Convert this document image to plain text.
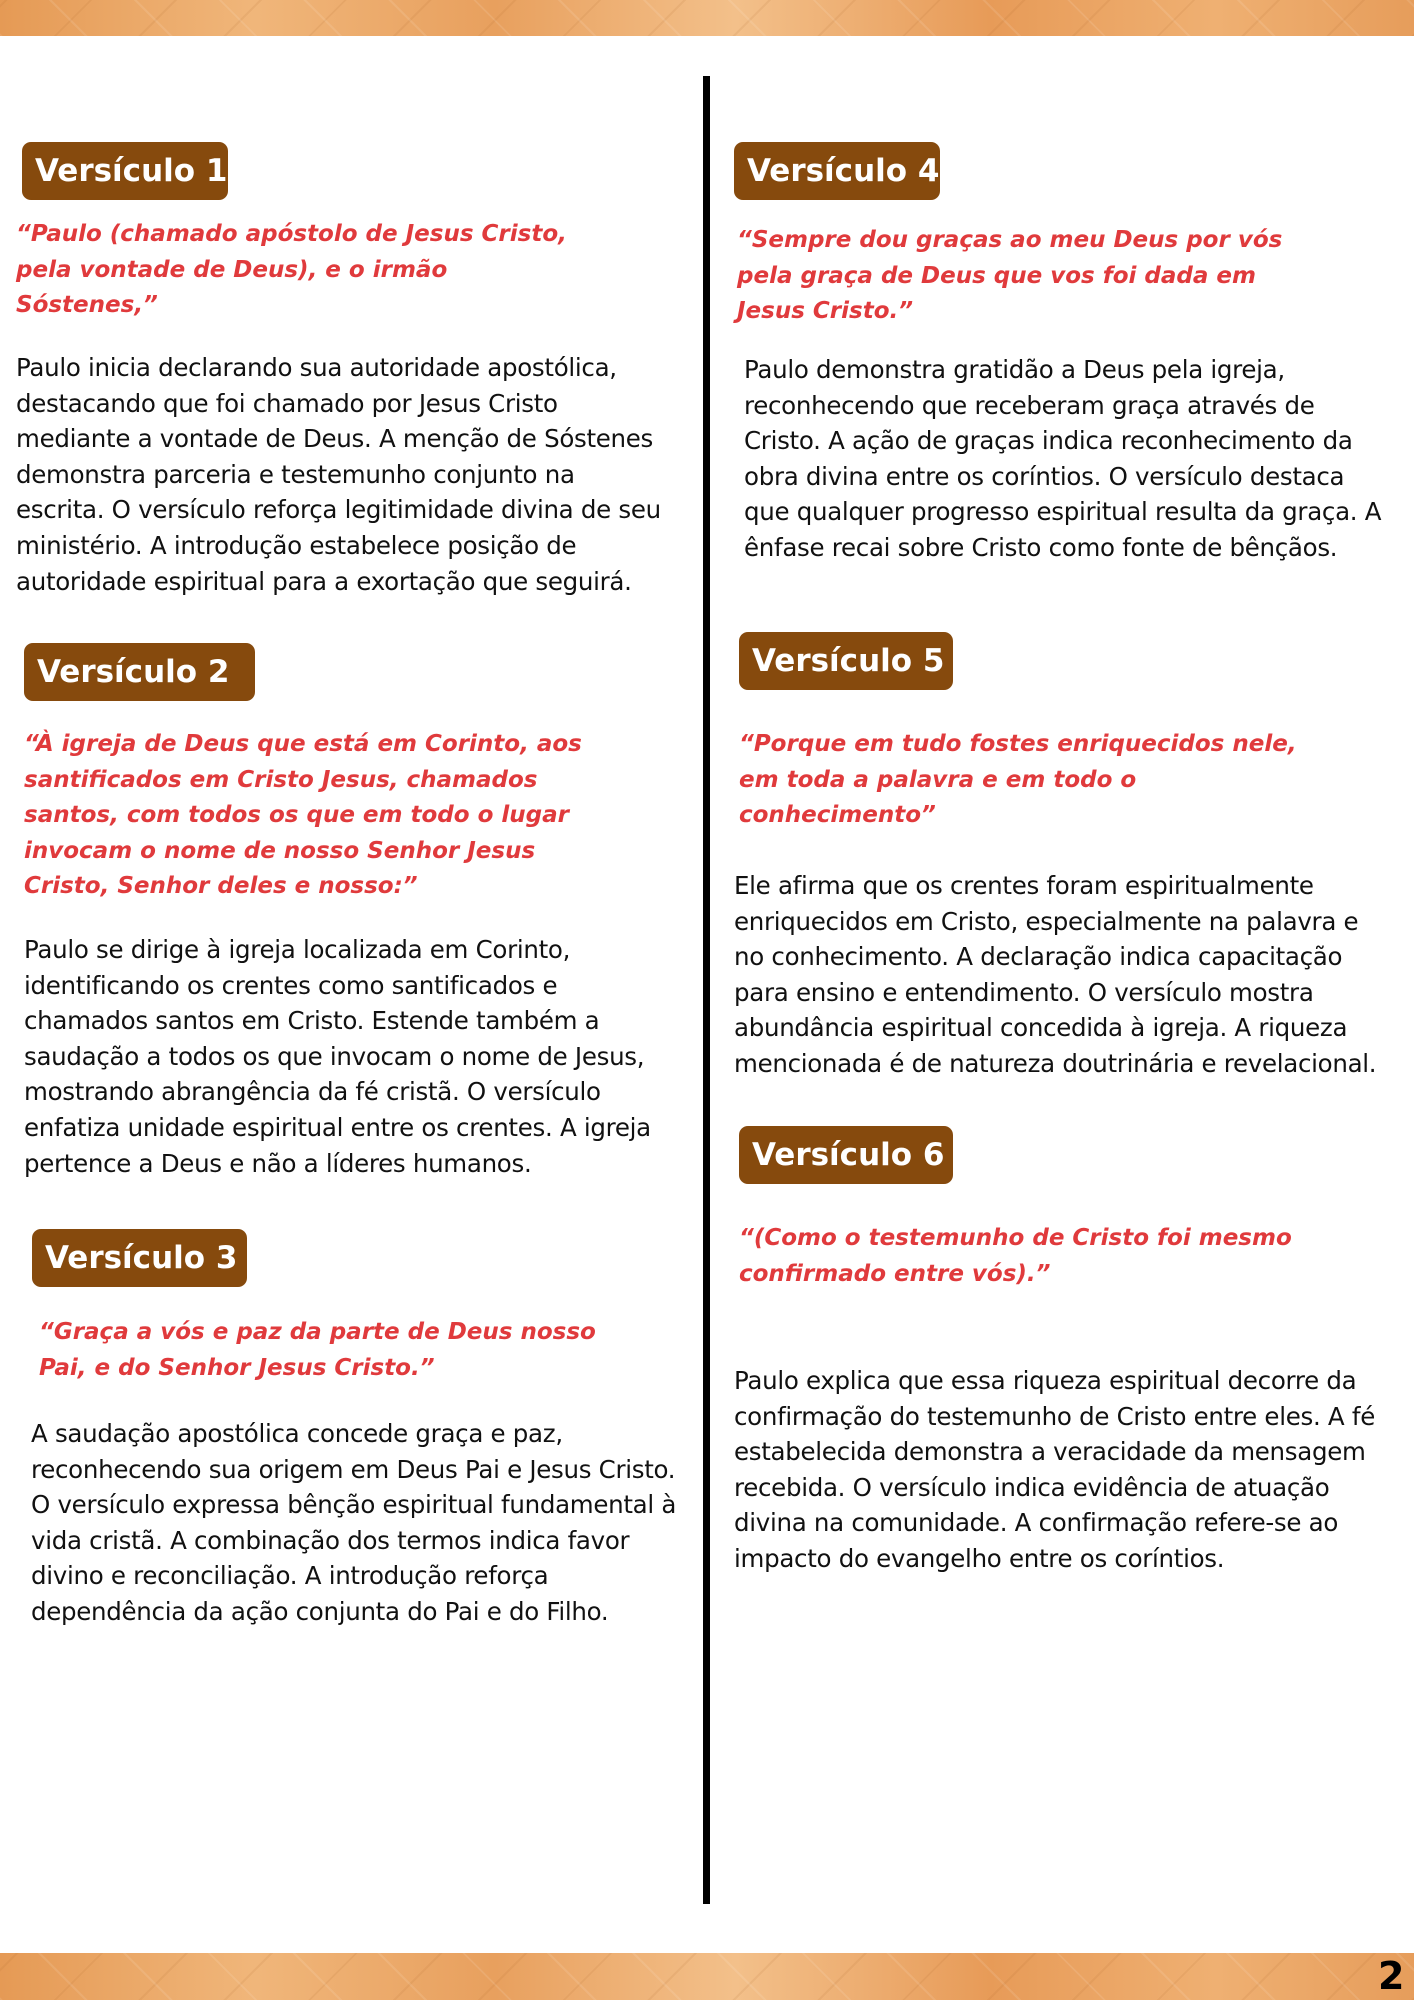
Versículo 1
“Paulo (chamado apóstolo de Jesus Cristo,
pela vontade de Deus), e o irmão
Sóstenes,”
Paulo inicia declarando sua autoridade apostólica,
destacando que foi chamado por Jesus Cristo
mediante a vontade de Deus. A menção de Sóstenes
demonstra parceria e testemunho conjunto na
escrita. O versículo reforça legitimidade divina de seu
ministério. A introdução estabelece posição de
autoridade espiritual para a exortação que seguirá.
Versículo 2
“À igreja de Deus que está em Corinto, aos
santificados em Cristo Jesus, chamados
santos, com todos os que em todo o lugar
invocam o nome de nosso Senhor Jesus
Cristo, Senhor deles e nosso:”
Paulo se dirige à igreja localizada em Corinto,
identificando os crentes como santificados e
chamados santos em Cristo. Estende também a
saudação a todos os que invocam o nome de Jesus,
mostrando abrangência da fé cristã. O versículo
enfatiza unidade espiritual entre os crentes. A igreja
pertence a Deus e não a líderes humanos.
Versículo 3
“Graça a vós e paz da parte de Deus nosso
Pai, e do Senhor Jesus Cristo.”
A saudação apostólica concede graça e paz,
reconhecendo sua origem em Deus Pai e Jesus Cristo.
O versículo expressa bênção espiritual fundamental à
vida cristã. A combinação dos termos indica favor
divino e reconciliação. A introdução reforça
dependência da ação conjunta do Pai e do Filho.
Versículo 4
“Sempre dou graças ao meu Deus por vós
pela graça de Deus que vos foi dada em
Jesus Cristo.”
Paulo demonstra gratidão a Deus pela igreja,
reconhecendo que receberam graça através de
Cristo. A ação de graças indica reconhecimento da
obra divina entre os coríntios. O versículo destaca
que qualquer progresso espiritual resulta da graça. A
ênfase recai sobre Cristo como fonte de bênçãos.
Versículo 5
“Porque em tudo fostes enriquecidos nele,
em toda a palavra e em todo o
conhecimento”
Ele afirma que os crentes foram espiritualmente
enriquecidos em Cristo, especialmente na palavra e
no conhecimento. A declaração indica capacitação
para ensino e entendimento. O versículo mostra
abundância espiritual concedida à igreja. A riqueza
mencionada é de natureza doutrinária e revelacional.
Versículo 6
“(Como o testemunho de Cristo foi mesmo
confirmado entre vós).”
Paulo explica que essa riqueza espiritual decorre da
confirmação do testemunho de Cristo entre eles. A fé
estabelecida demonstra a veracidade da mensagem
recebida. O versículo indica evidência de atuação
divina na comunidade. A confirmação refere-se ao
impacto do evangelho entre os coríntios.
2
